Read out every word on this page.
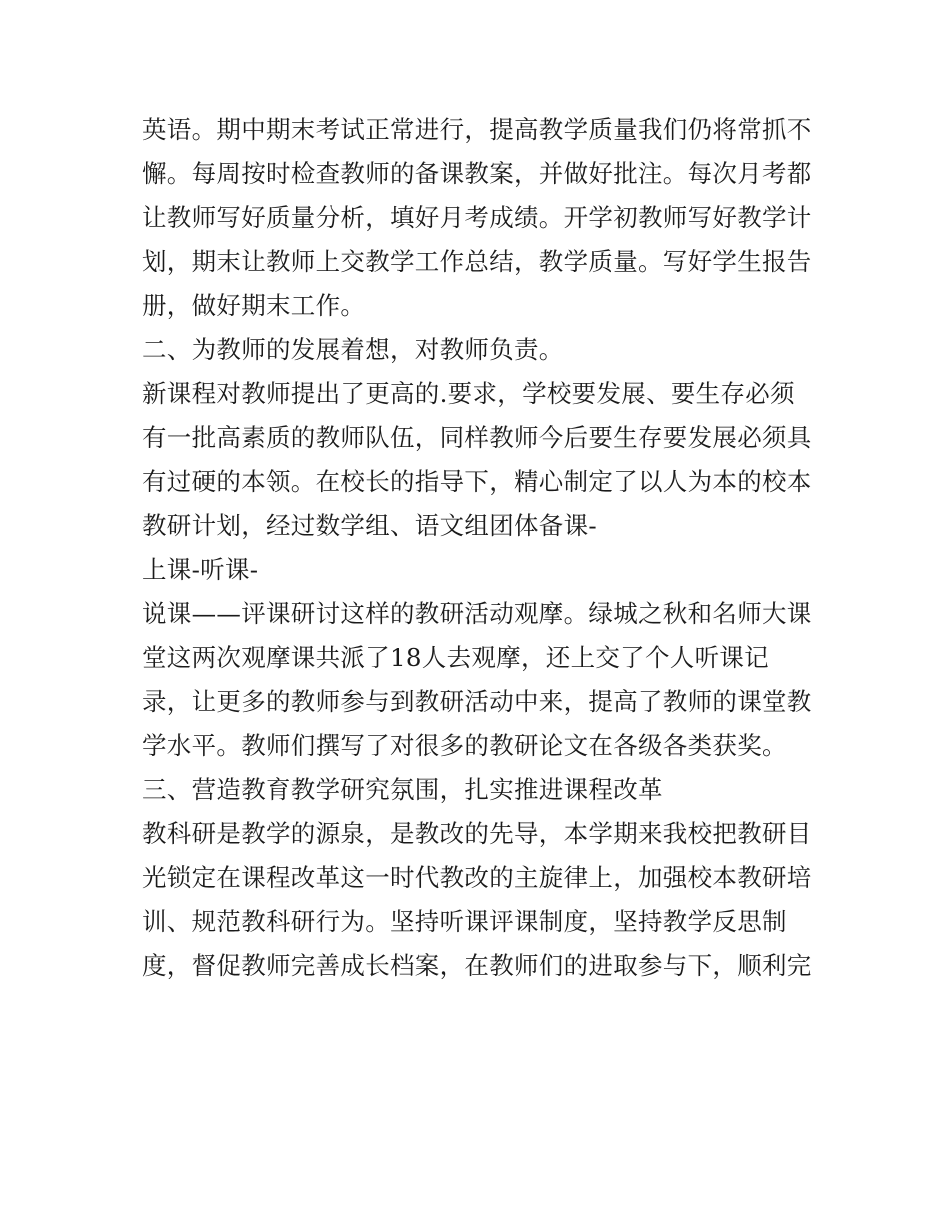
英语。期中期末考试正常进行，提高教学质量我们仍将常抓不
懈。每周按时检查教师的备课教案，并做好批注。每次月考都
让教师写好质量分析，填好月考成绩。开学初教师写好教学计
划，期末让教师上交教学工作总结，教学质量。写好学生报告
册，做好期末工作。
二、为教师的发展着想，对教师负责。
新课程对教师提出了更高的.要求，学校要发展、要生存必须
有一批高素质的教师队伍，同样教师今后要生存要发展必须具
有过硬的本领。在校长的指导下，精心制定了以人为本的校本
教研计划，经过数学组、语文组团体备课-
上课-听课-
说课——评课研讨这样的教研活动观摩。绿城之秋和名师大课
堂这两次观摩课共派了18人去观摩，还上交了个人听课记
录，让更多的教师参与到教研活动中来，提高了教师的课堂教
学水平。教师们撰写了对很多的教研论文在各级各类获奖。
三、营造教育教学研究氛围，扎实推进课程改革
教科研是教学的源泉，是教改的先导，本学期来我校把教研目
光锁定在课程改革这一时代教改的主旋律上，加强校本教研培
训、规范教科研行为。坚持听课评课制度，坚持教学反思制
度，督促教师完善成长档案，在教师们的进取参与下，顺利完
